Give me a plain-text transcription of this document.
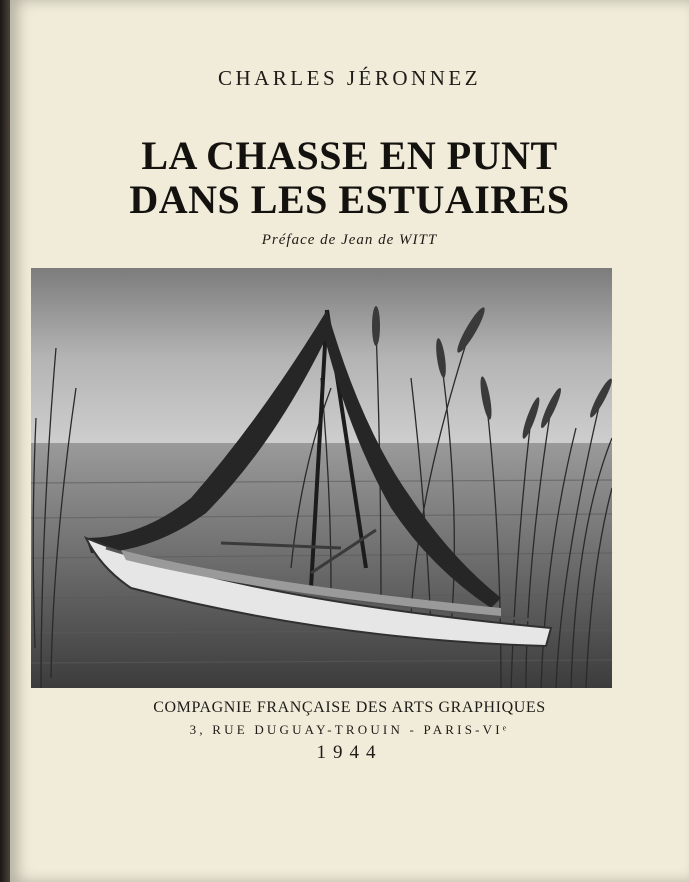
CHARLES JÉRONNEZ
LA CHASSE EN PUNT
DANS LES ESTUAIRES
Préface de Jean de WITT
COMPAGNIE FRANÇAISE DES ARTS GRAPHIQUES
3, RUE DUGUAY-TROUIN - PARIS-VIᵉ
1944
